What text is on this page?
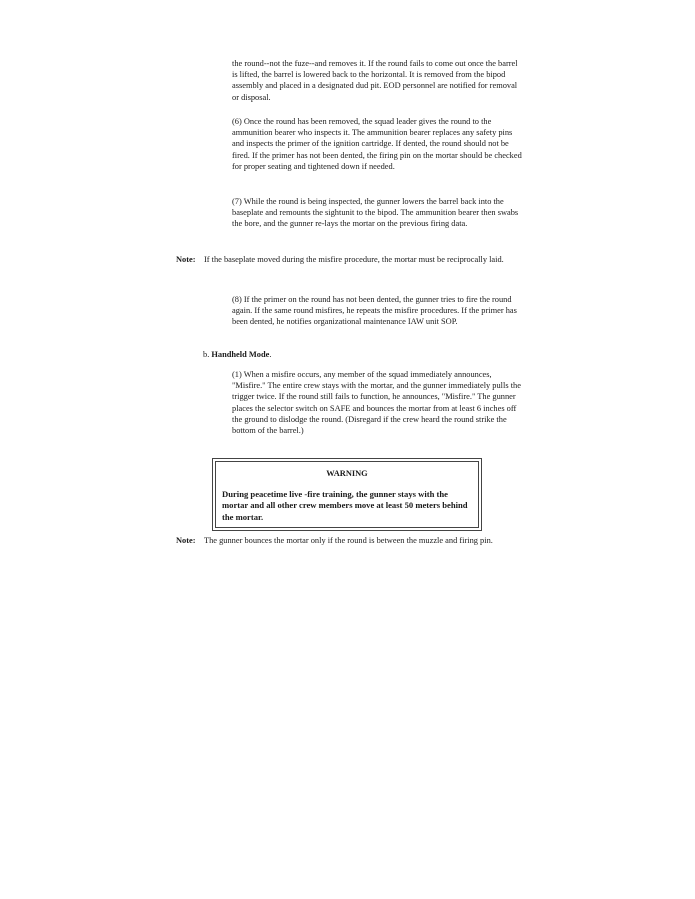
the round--not the fuze--and removes it. If the round fails to come out once the barrel is lifted, the barrel is lowered back to the horizontal. It is removed from the bipod assembly and placed in a designated dud pit. EOD personnel are notified for removal or disposal.

(6) Once the round has been removed, the squad leader gives the round to the ammunition bearer who inspects it. The ammunition bearer replaces any safety pins and inspects the primer of the ignition cartridge. If dented, the round should not be fired. If the primer has not been dented, the firing pin on the mortar should be checked for proper seating and tightened down if needed.

(7) While the round is being inspected, the gunner lowers the barrel back into the baseplate and remounts the sightunit to the bipod. The ammunition bearer then swabs the bore, and the gunner re-lays the mortar on the previous firing data.

Note: If the baseplate moved during the misfire procedure, the mortar must be reciprocally laid.

(8) If the primer on the round has not been dented, the gunner tries to fire the round again. If the same round misfires, he repeats the misfire procedures. If the primer has been dented, he notifies organizational maintenance IAW unit SOP.

b. Handheld Mode.

(1) When a misfire occurs, any member of the squad immediately announces, "Misfire." The entire crew stays with the mortar, and the gunner immediately pulls the trigger twice. If the round still fails to function, he announces, "Misfire." The gunner places the selector switch on SAFE and bounces the mortar from at least 6 inches off the ground to dislodge the round. (Disregard if the crew heard the round strike the bottom of the barrel.)

WARNING

During peacetime live -fire training, the gunner stays with the mortar and all other crew members move at least 50 meters behind the mortar.

Note: The gunner bounces the mortar only if the round is between the muzzle and firing pin.
